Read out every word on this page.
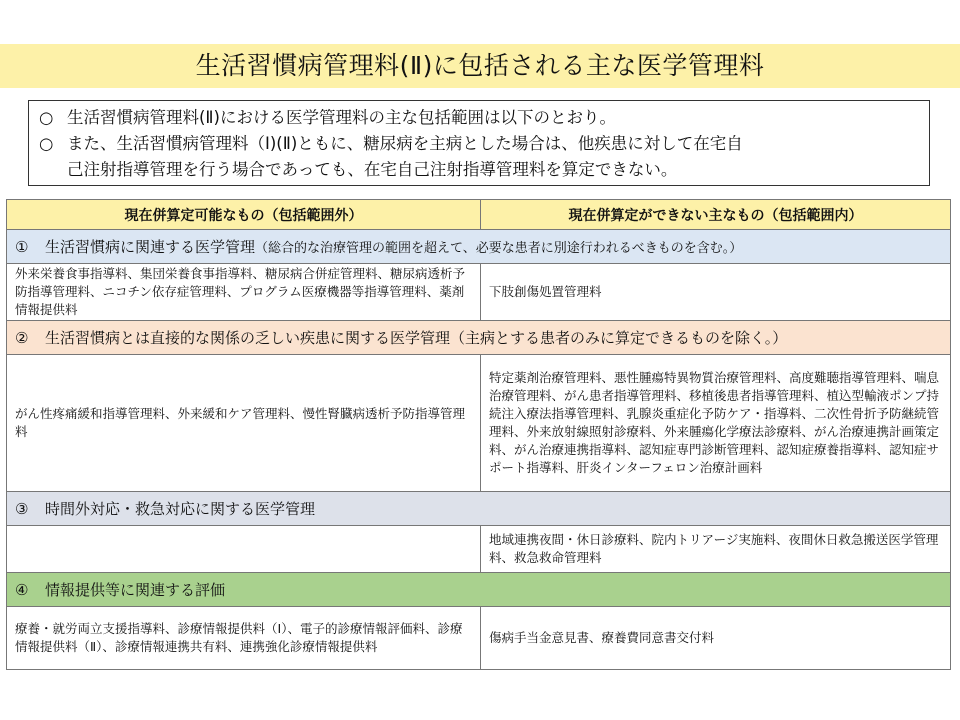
生活習慣病管理料(Ⅱ)に包括される主な医学管理料
○ 生活習慣病管理料(Ⅱ)における医学管理料の主な包括範囲は以下のとおり。
○ また、生活習慣病管理料（Ⅰ)(Ⅱ)ともに、糖尿病を主病とした場合は、他疾患に対して在宅自
己注射指導管理を行う場合であっても、在宅自己注射指導管理料を算定できない。
現在併算定可能なもの（包括範囲外）	現在併算定ができない主なもの（包括範囲内）
① 生活習慣病に関連する医学管理（総合的な治療管理の範囲を超えて、必要な患者に別途行われるべきものを含む。）	
外来栄養食事指導料、集団栄養食事指導料、糖尿病合併症管理料、糖尿病透析予防指導管理料、ニコチン依存症管理料、プログラム医療機器等指導管理料、薬剤情報提供料	下肢創傷処置管理料
② 生活習慣病とは直接的な関係の乏しい疾患に関する医学管理（主病とする患者のみに算定できるものを除く。）	
がん性疼痛緩和指導管理料、外来緩和ケア管理料、慢性腎臓病透析予防指導管理料	特定薬剤治療管理料、悪性腫瘍特異物質治療管理料、高度難聴指導管理料、喘息治療管理料、がん患者指導管理料、移植後患者指導管理料、植込型輸液ポンプ持続注入療法指導管理料、乳腺炎重症化予防ケア・指導料、二次性骨折予防継続管理料、外来放射線照射診療料、外来腫瘍化学療法診療料、がん治療連携計画策定料、がん治療連携指導料、認知症専門診断管理料、認知症療養指導料、認知症サポート指導料、肝炎インターフェロン治療計画料
③ 時間外対応・救急対応に関する医学管理	
	地域連携夜間・休日診療料、院内トリアージ実施料、夜間休日救急搬送医学管理料、救急救命管理料
④ 情報提供等に関連する評価	
療養・就労両立支援指導料、診療情報提供料（Ⅰ）、電子的診療情報評価料、診療情報提供料（Ⅱ）、診療情報連携共有料、連携強化診療情報提供料	傷病手当金意見書、療養費同意書交付料
